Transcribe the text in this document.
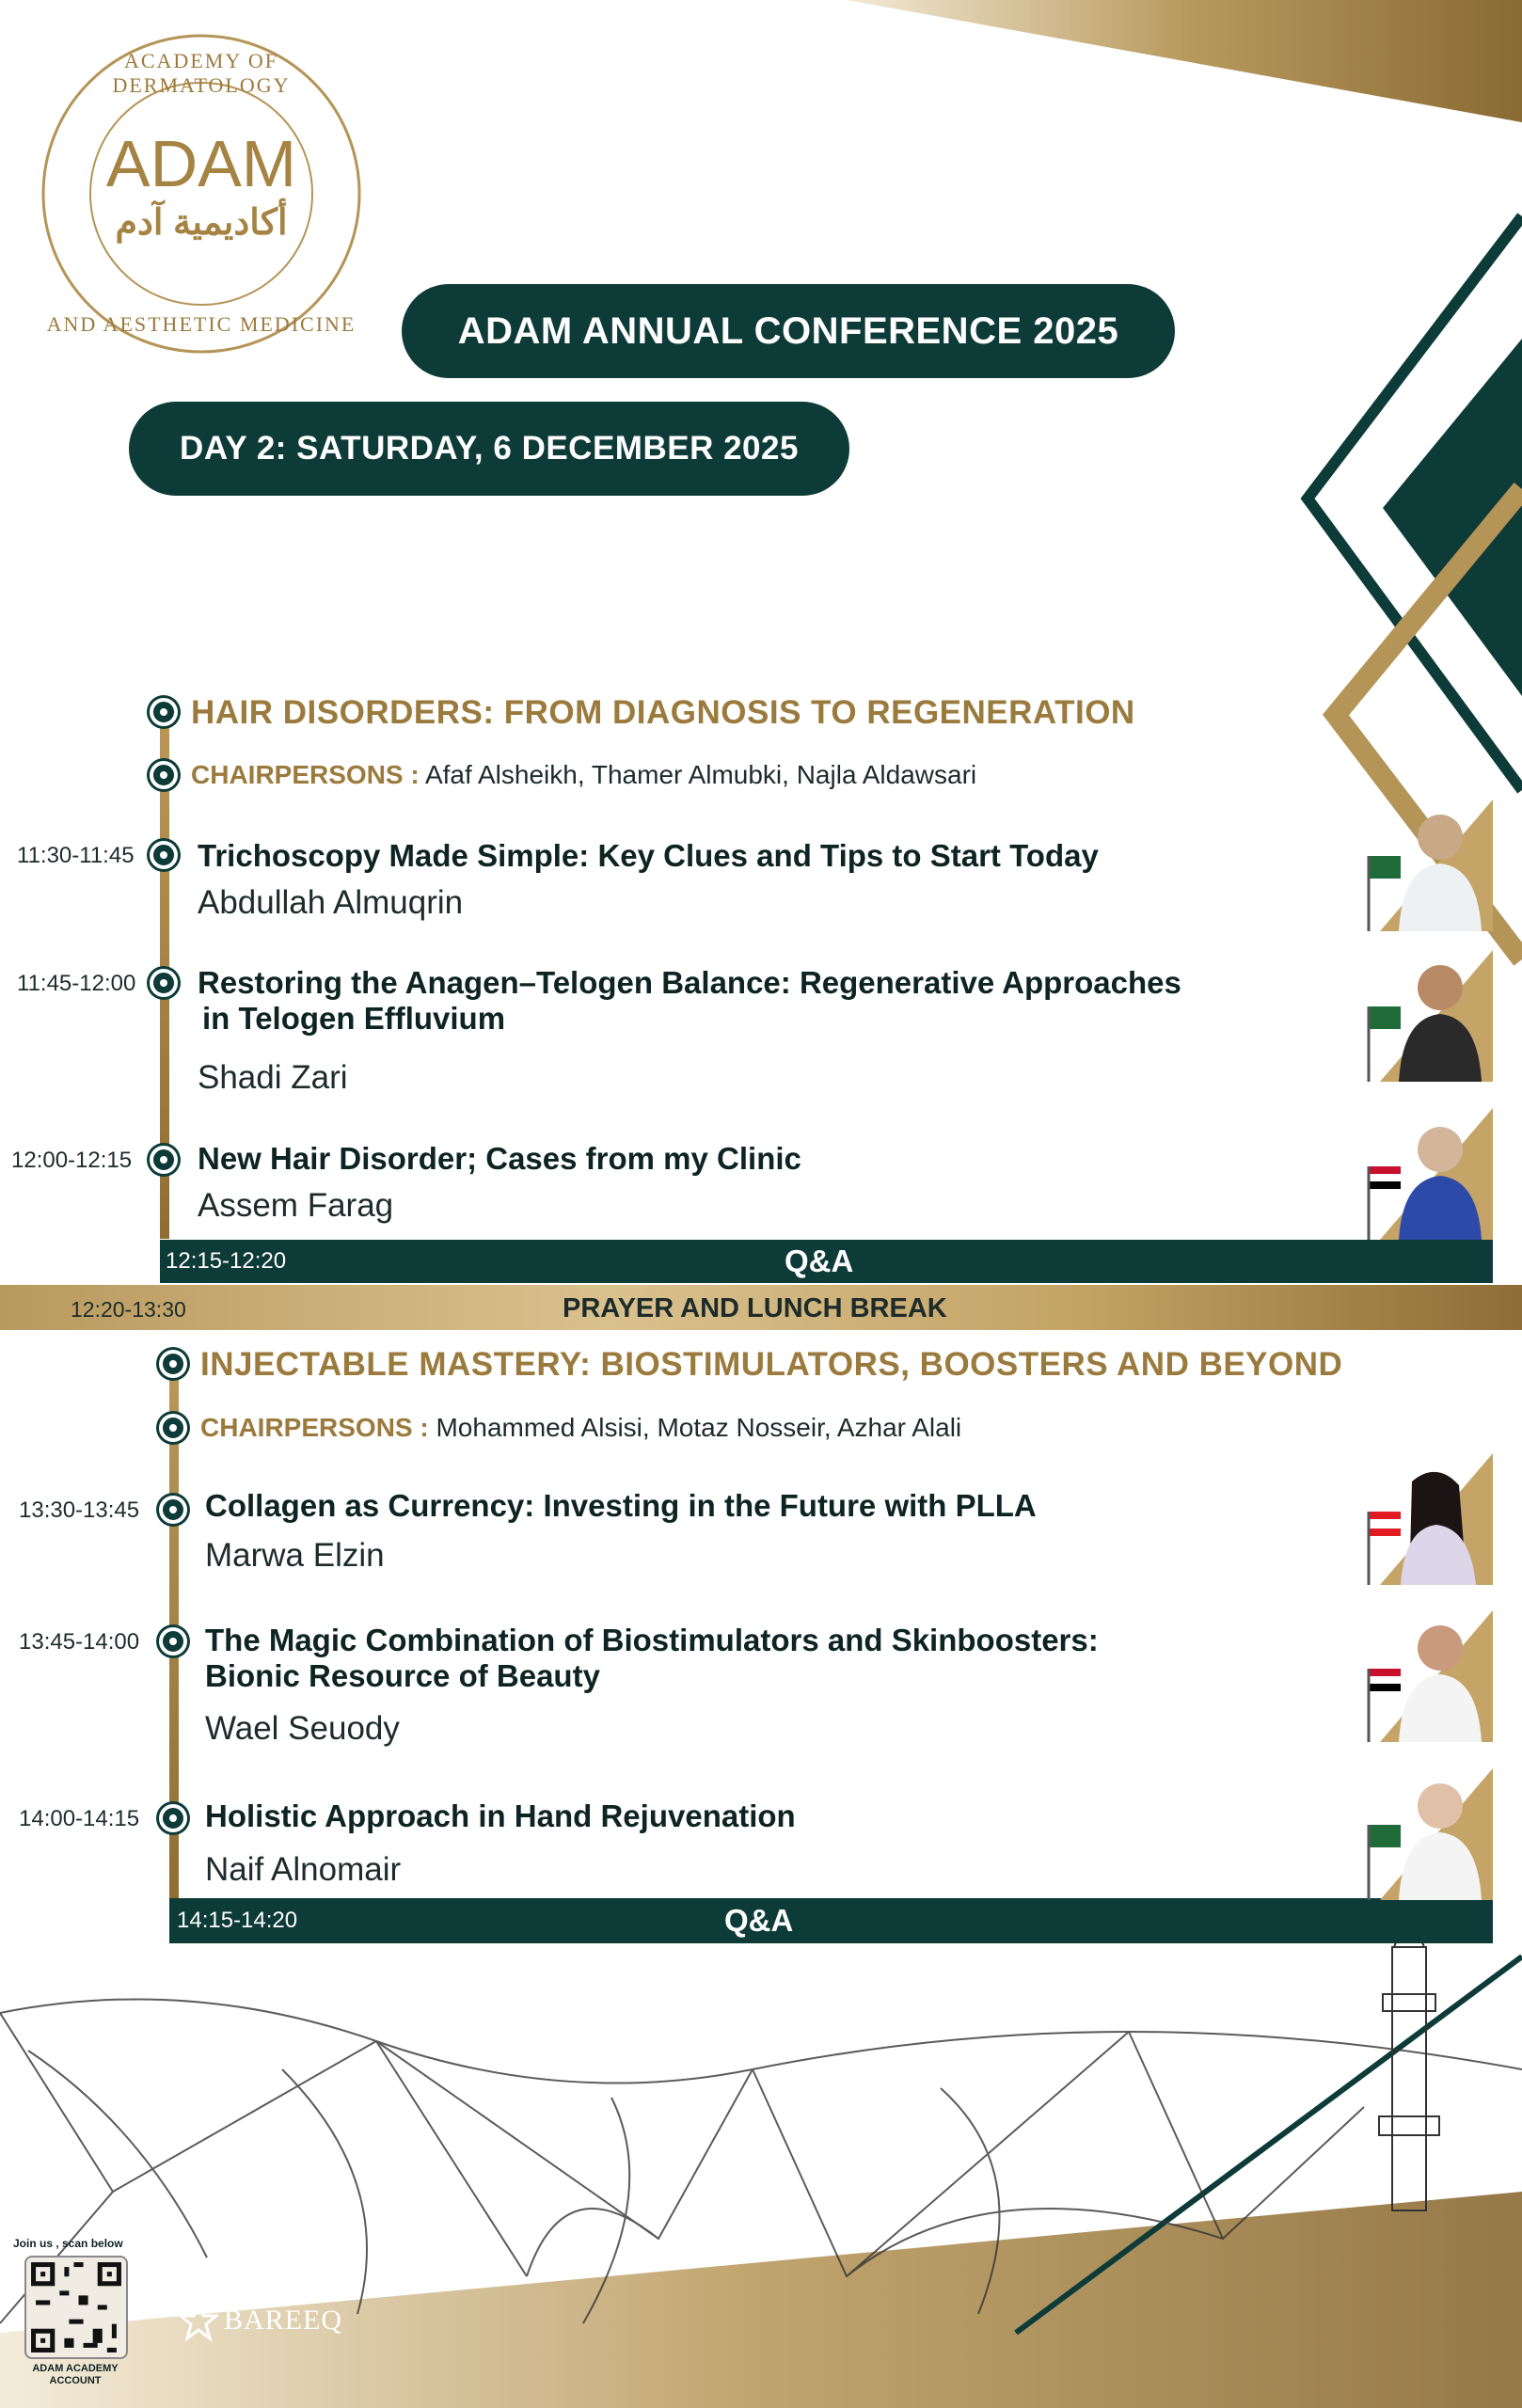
ACADEMY OF DERMATOLOGY
AND AESTHETIC MEDICINE
ADAM
أكاديمية آدم
ADAM ANNUAL CONFERENCE 2025
DAY 2: SATURDAY, 6 DECEMBER 2025
HAIR DISORDERS: FROM DIAGNOSIS TO REGENERATION
CHAIRPERSONS : Afaf Alsheikh, Thamer Almubki, Najla Aldawsari
11:30-11:45 Trichoscopy Made Simple: Key Clues and Tips to Start Today
Abdullah Almuqrin
11:45-12:00 Restoring the Anagen–Telogen Balance: Regenerative Approaches
in Telogen Effluvium
Shadi Zari
12:00-12:15 New Hair Disorder; Cases from my Clinic
Assem Farag
12:15-12:20	Q&A
12:20-13:30	PRAYER AND LUNCH BREAK
INJECTABLE MASTERY: BIOSTIMULATORS, BOOSTERS AND BEYOND
CHAIRPERSONS : Mohammed Alsisi, Motaz Nosseir, Azhar Alali
13:30-13:45 Collagen as Currency: Investing in the Future with PLLA
Marwa Elzin
13:45-14:00 The Magic Combination of Biostimulators and Skinboosters:
Bionic Resource of Beauty
Wael Seuody
14:00-14:15 Holistic Approach in Hand Rejuvenation
Naif Alnomair
14:15-14:20	Q&A
Join us , scan below
ADAM ACADEMY
ACCOUNT
ORGANIZED BY
BAREEQ
